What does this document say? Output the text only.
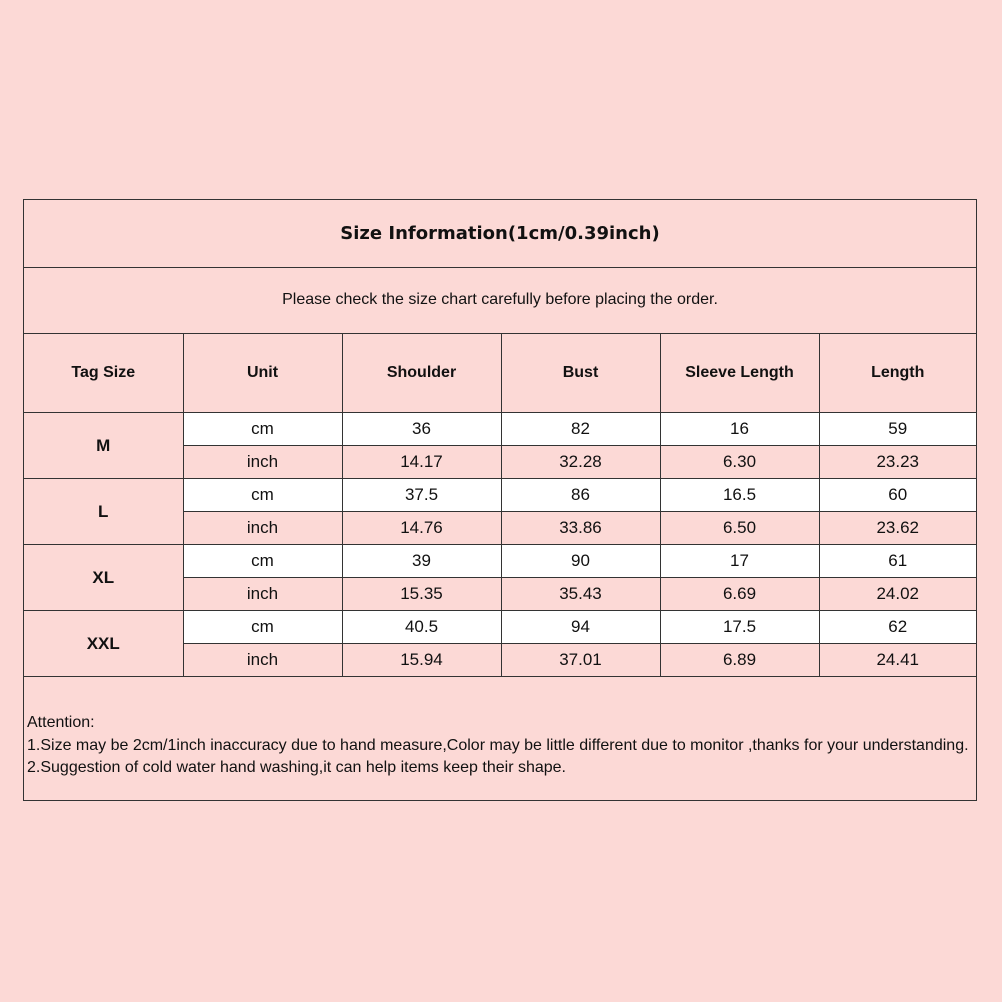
Size Information(1cm/0.39inch)
Please check the size chart carefully before placing the order.
Tag Size	Unit	Shoulder	Bust	Sleeve Length	Length
M	cm	36	82	16	59
	inch	14.17	32.28	6.30	23.23
L	cm	37.5	86	16.5	60
	inch	14.76	33.86	6.50	23.62
XL	cm	39	90	17	61
	inch	15.35	35.43	6.69	24.02
XXL	cm	40.5	94	17.5	62
	inch	15.94	37.01	6.89	24.41
Attention:
1.Size may be 2cm/1inch inaccuracy due to hand measure,Color may be little different due to monitor ,thanks for your understanding.
2.Suggestion of cold water hand washing,it can help items keep their shape.
